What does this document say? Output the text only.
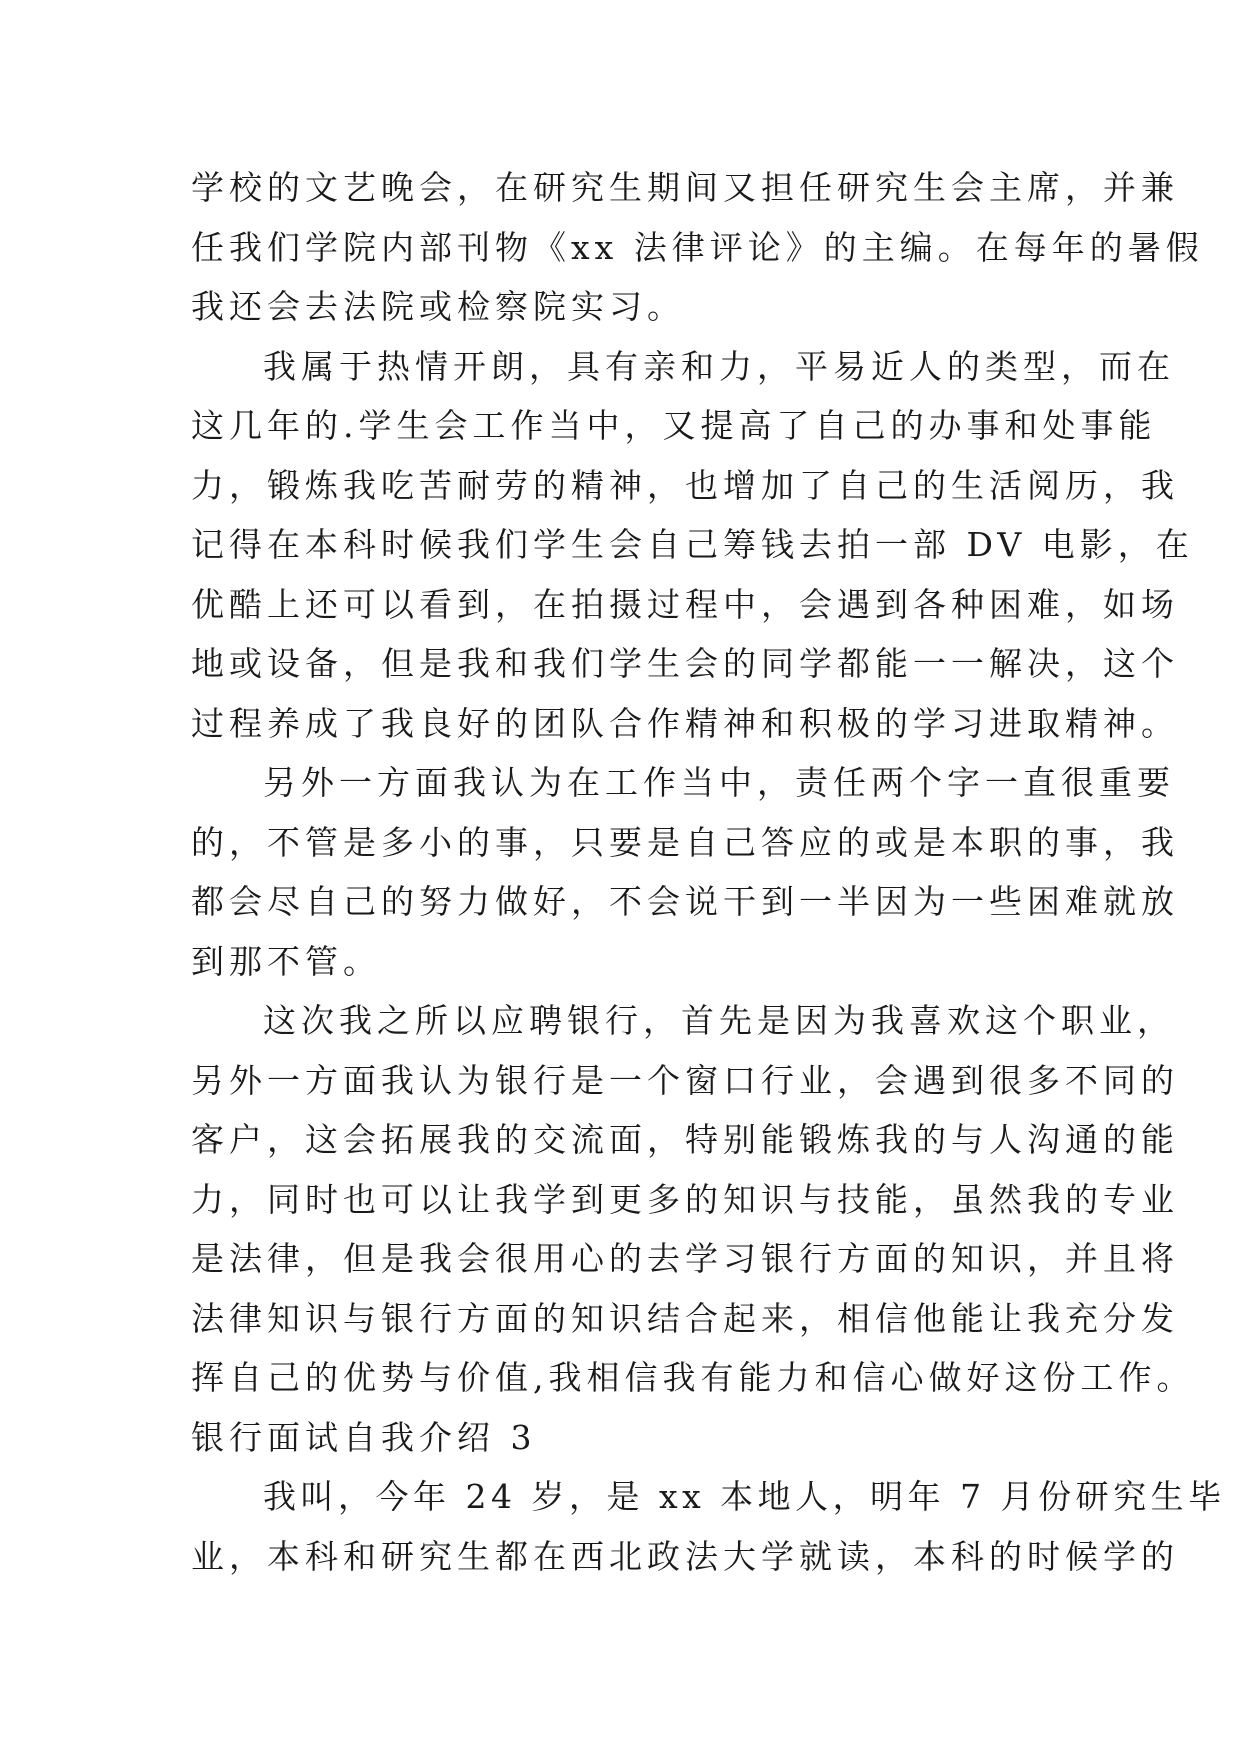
学校的文艺晚会，在研究生期间又担任研究生会主席，并兼
任我们学院内部刊物《xx 法律评论》的主编。在每年的暑假
我还会去法院或检察院实习。
我属于热情开朗，具有亲和力，平易近人的类型，而在
这几年的.学生会工作当中，又提高了自己的办事和处事能
力，锻炼我吃苦耐劳的精神，也增加了自己的生活阅历，我
记得在本科时候我们学生会自己筹钱去拍一部 DV 电影，在
优酷上还可以看到，在拍摄过程中，会遇到各种困难，如场
地或设备，但是我和我们学生会的同学都能一一解决，这个
过程养成了我良好的团队合作精神和积极的学习进取精神。
另外一方面我认为在工作当中，责任两个字一直很重要
的，不管是多小的事，只要是自己答应的或是本职的事，我
都会尽自己的努力做好，不会说干到一半因为一些困难就放
到那不管。
这次我之所以应聘银行，首先是因为我喜欢这个职业，
另外一方面我认为银行是一个窗口行业，会遇到很多不同的
客户，这会拓展我的交流面，特别能锻炼我的与人沟通的能
力，同时也可以让我学到更多的知识与技能，虽然我的专业
是法律，但是我会很用心的去学习银行方面的知识，并且将
法律知识与银行方面的知识结合起来，相信他能让我充分发
挥自己的优势与价值,我相信我有能力和信心做好这份工作。
银行面试自我介绍 3
我叫，今年 24 岁，是 xx 本地人，明年 7 月份研究生毕
业，本科和研究生都在西北政法大学就读，本科的时候学的
